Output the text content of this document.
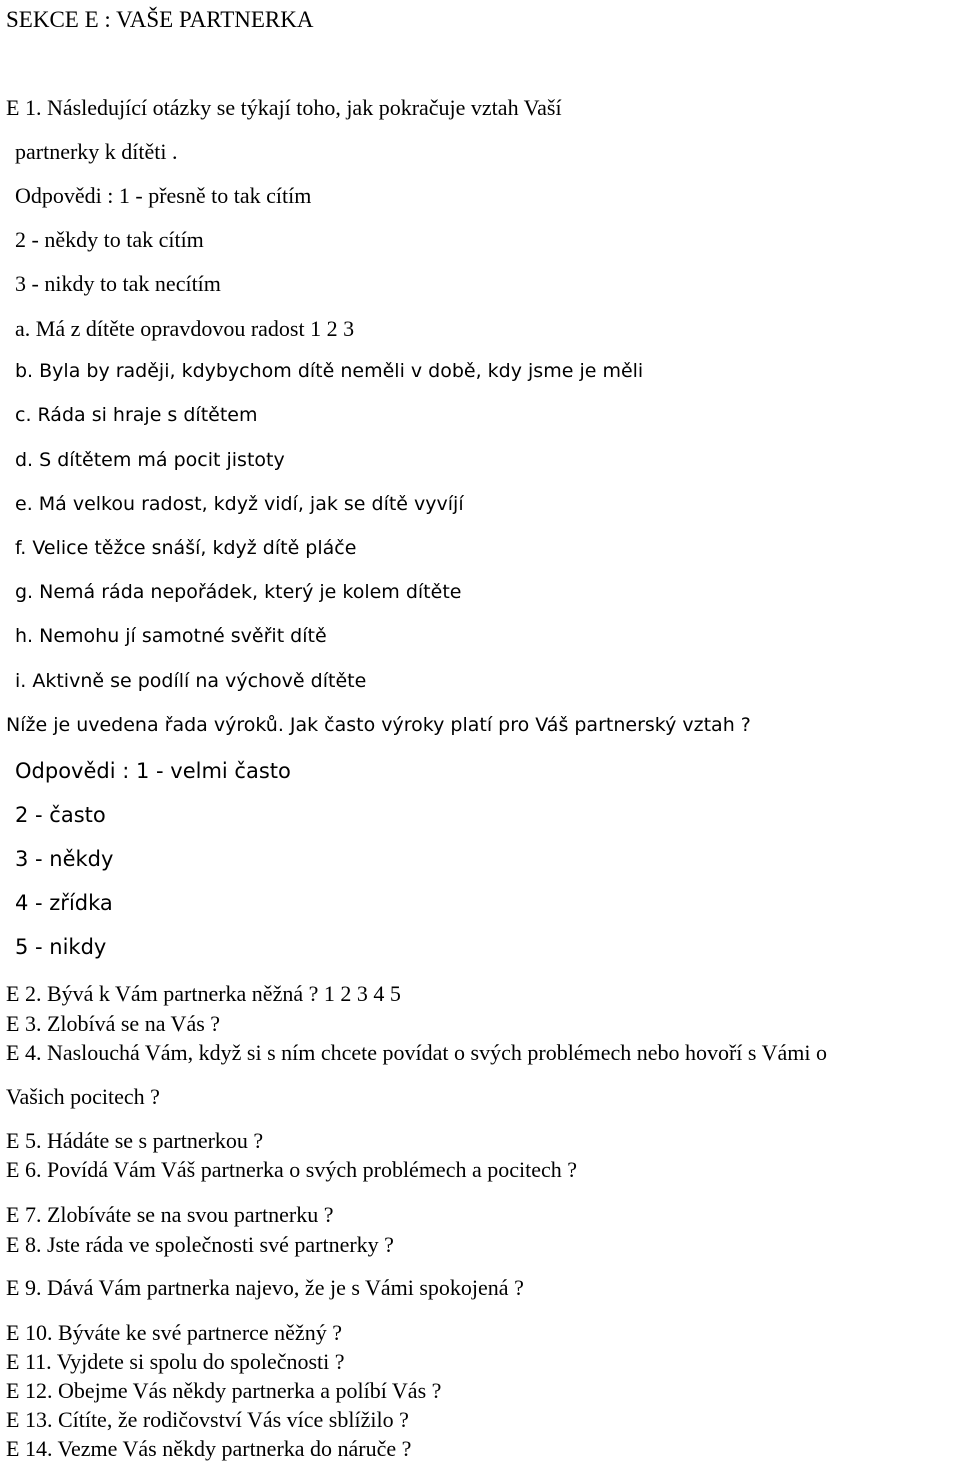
SEKCE E : VAŠE PARTNERKA

E 1. Následující otázky se týkají toho, jak pokračuje vztah Vaší

partnerky k dítěti .

Odpovědi : 1 - přesně to tak cítím

2 - někdy to tak cítím

3 - nikdy to tak necítím

a. Má z dítěte opravdovou radost 1 2 3

b. Byla by raději, kdybychom dítě neměli v době, kdy jsme je měli

c. Ráda si hraje s dítětem

d. S dítětem má pocit jistoty

e. Má velkou radost, když vidí, jak se dítě vyvíjí

f. Velice těžce snáší, když dítě pláče

g. Nemá ráda nepořádek, který je kolem dítěte

h. Nemohu jí samotné svěřit dítě

i. Aktivně se podílí na výchově dítěte

Níže je uvedena řada výroků. Jak často výroky platí pro Váš partnerský vztah ?

Odpovědi : 1 - velmi často

2 - často

3 - někdy

4 - zřídka

5 - nikdy

E 2. Bývá k Vám partnerka něžná ? 1 2 3 4 5

E 3. Zlobívá se na Vás ?

E 4. Naslouchá Vám, když si s ním chcete povídat o svých problémech nebo hovoří s Vámi o

Vašich pocitech ?

E 5. Hádáte se s partnerkou ?

E 6. Povídá Vám Váš partnerka o svých problémech a pocitech ?

E 7. Zlobíváte se na svou partnerku ?

E 8. Jste ráda ve společnosti své partnerky ?

E 9. Dává Vám partnerka najevo, že je s Vámi spokojená ?

E 10. Býváte ke své partnerce něžný ?

E 11. Vyjdete si spolu do společnosti ?

E 12. Obejme Vás někdy partnerka a políbí Vás ?

E 13. Cítíte, že rodičovství Vás více sblížilo ?

E 14. Vezme Vás někdy partnerka do náruče ?
